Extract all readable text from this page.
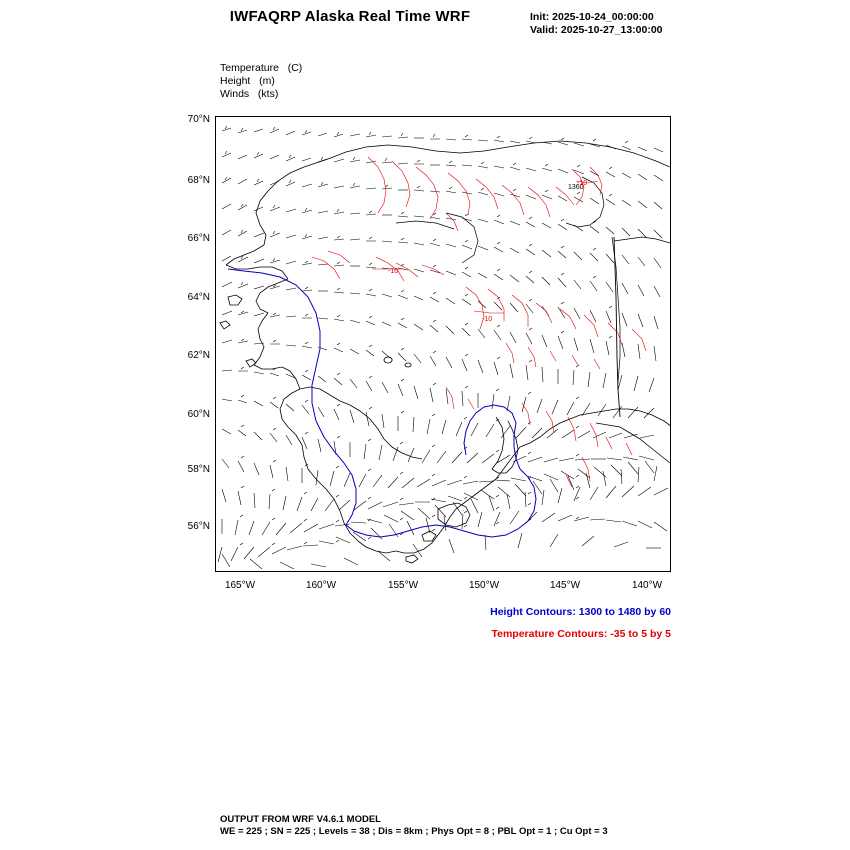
IWFAQRP Alaska Real Time WRF	Init: 2025-10-24_00:00:00
Valid: 2025-10-27_13:00:00
Temperature   (C)
Height   (m)
Winds   (kts)
70°N
68°N
66°N
64°N
62°N
60°N
58°N
56°N
165°W	160°W	155°W	150°W	145°W	140°W
1360
-10
-10
-10
Height Contours: 1300 to 1480 by 60
Temperature Contours: -35 to 5 by 5
OUTPUT FROM WRF V4.6.1 MODEL
WE = 225 ; SN = 225 ; Levels = 38 ; Dis = 8km ; Phys Opt = 8 ; PBL Opt = 1 ; Cu Opt = 3
